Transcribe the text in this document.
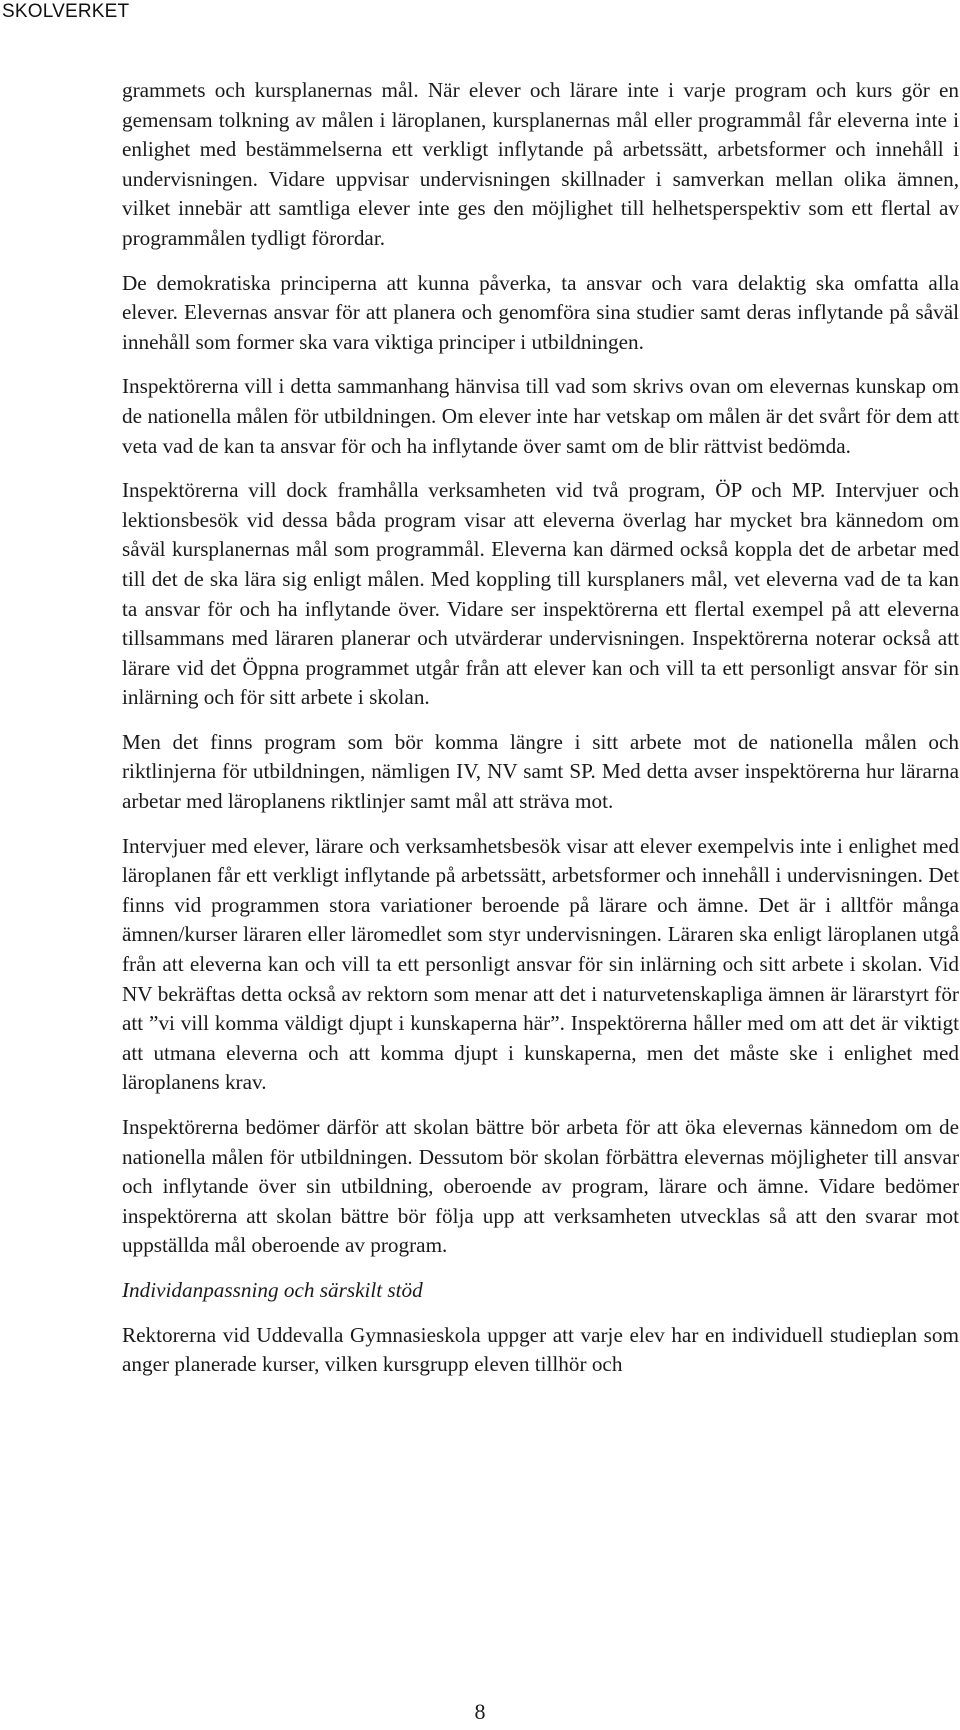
SKOLVERKET

grammets och kursplanernas mål. När elever och lärare inte i varje program och kurs gör en gemensam tolkning av målen i läroplanen, kursplanernas mål eller programmål får eleverna inte i enlighet med bestämmelserna ett verkligt inflytande på arbetssätt, arbetsformer och innehåll i undervisningen. Vidare uppvisar undervisningen skillnader i samverkan mellan olika ämnen, vilket innebär att samtliga elever inte ges den möjlighet till helhetsperspektiv som ett flertal av programmålen tydligt förordar.

De demokratiska principerna att kunna påverka, ta ansvar och vara delaktig ska omfatta alla elever. Elevernas ansvar för att planera och genomföra sina studier samt deras inflytande på såväl innehåll som former ska vara viktiga principer i utbildningen.

Inspektörerna vill i detta sammanhang hänvisa till vad som skrivs ovan om elevernas kunskap om de nationella målen för utbildningen. Om elever inte har vetskap om målen är det svårt för dem att veta vad de kan ta ansvar för och ha inflytande över samt om de blir rättvist bedömda.

Inspektörerna vill dock framhålla verksamheten vid två program, ÖP och MP. Intervjuer och lektionsbesök vid dessa båda program visar att eleverna överlag har mycket bra kännedom om såväl kursplanernas mål som programmål. Eleverna kan därmed också koppla det de arbetar med till det de ska lära sig enligt målen. Med koppling till kursplaners mål, vet eleverna vad de ta kan ta ansvar för och ha inflytande över. Vidare ser inspektörerna ett flertal exempel på att eleverna tillsammans med läraren planerar och utvärderar undervisningen. Inspektörerna noterar också att lärare vid det Öppna programmet utgår från att elever kan och vill ta ett personligt ansvar för sin inlärning och för sitt arbete i skolan.

Men det finns program som bör komma längre i sitt arbete mot de nationella målen och riktlinjerna för utbildningen, nämligen IV, NV samt SP. Med detta avser inspektörerna hur lärarna arbetar med läroplanens riktlinjer samt mål att sträva mot.

Intervjuer med elever, lärare och verksamhetsbesök visar att elever exempelvis inte i enlighet med läroplanen får ett verkligt inflytande på arbetssätt, arbetsformer och innehåll i undervisningen. Det finns vid programmen stora variationer beroende på lärare och ämne. Det är i alltför många ämnen/kurser läraren eller läromedlet som styr undervisningen. Läraren ska enligt läroplanen utgå från att eleverna kan och vill ta ett personligt ansvar för sin inlärning och sitt arbete i skolan. Vid NV bekräftas detta också av rektorn som menar att det i naturvetenskapliga ämnen är lärarstyrt för att ”vi vill komma väldigt djupt i kunskaperna här”. Inspektörerna håller med om att det är viktigt att utmana eleverna och att komma djupt i kunskaperna, men det måste ske i enlighet med läroplanens krav.

Inspektörerna bedömer därför att skolan bättre bör arbeta för att öka elevernas kännedom om de nationella målen för utbildningen. Dessutom bör skolan förbättra elevernas möjligheter till ansvar och inflytande över sin utbildning, oberoende av program, lärare och ämne. Vidare bedömer inspektörerna att skolan bättre bör följa upp att verksamheten utvecklas så att den svarar mot uppställda mål oberoende av program.

Individanpassning och särskilt stöd

Rektorerna vid Uddevalla Gymnasieskola uppger att varje elev har en individuell studieplan som anger planerade kurser, vilken kursgrupp eleven tillhör och

8
